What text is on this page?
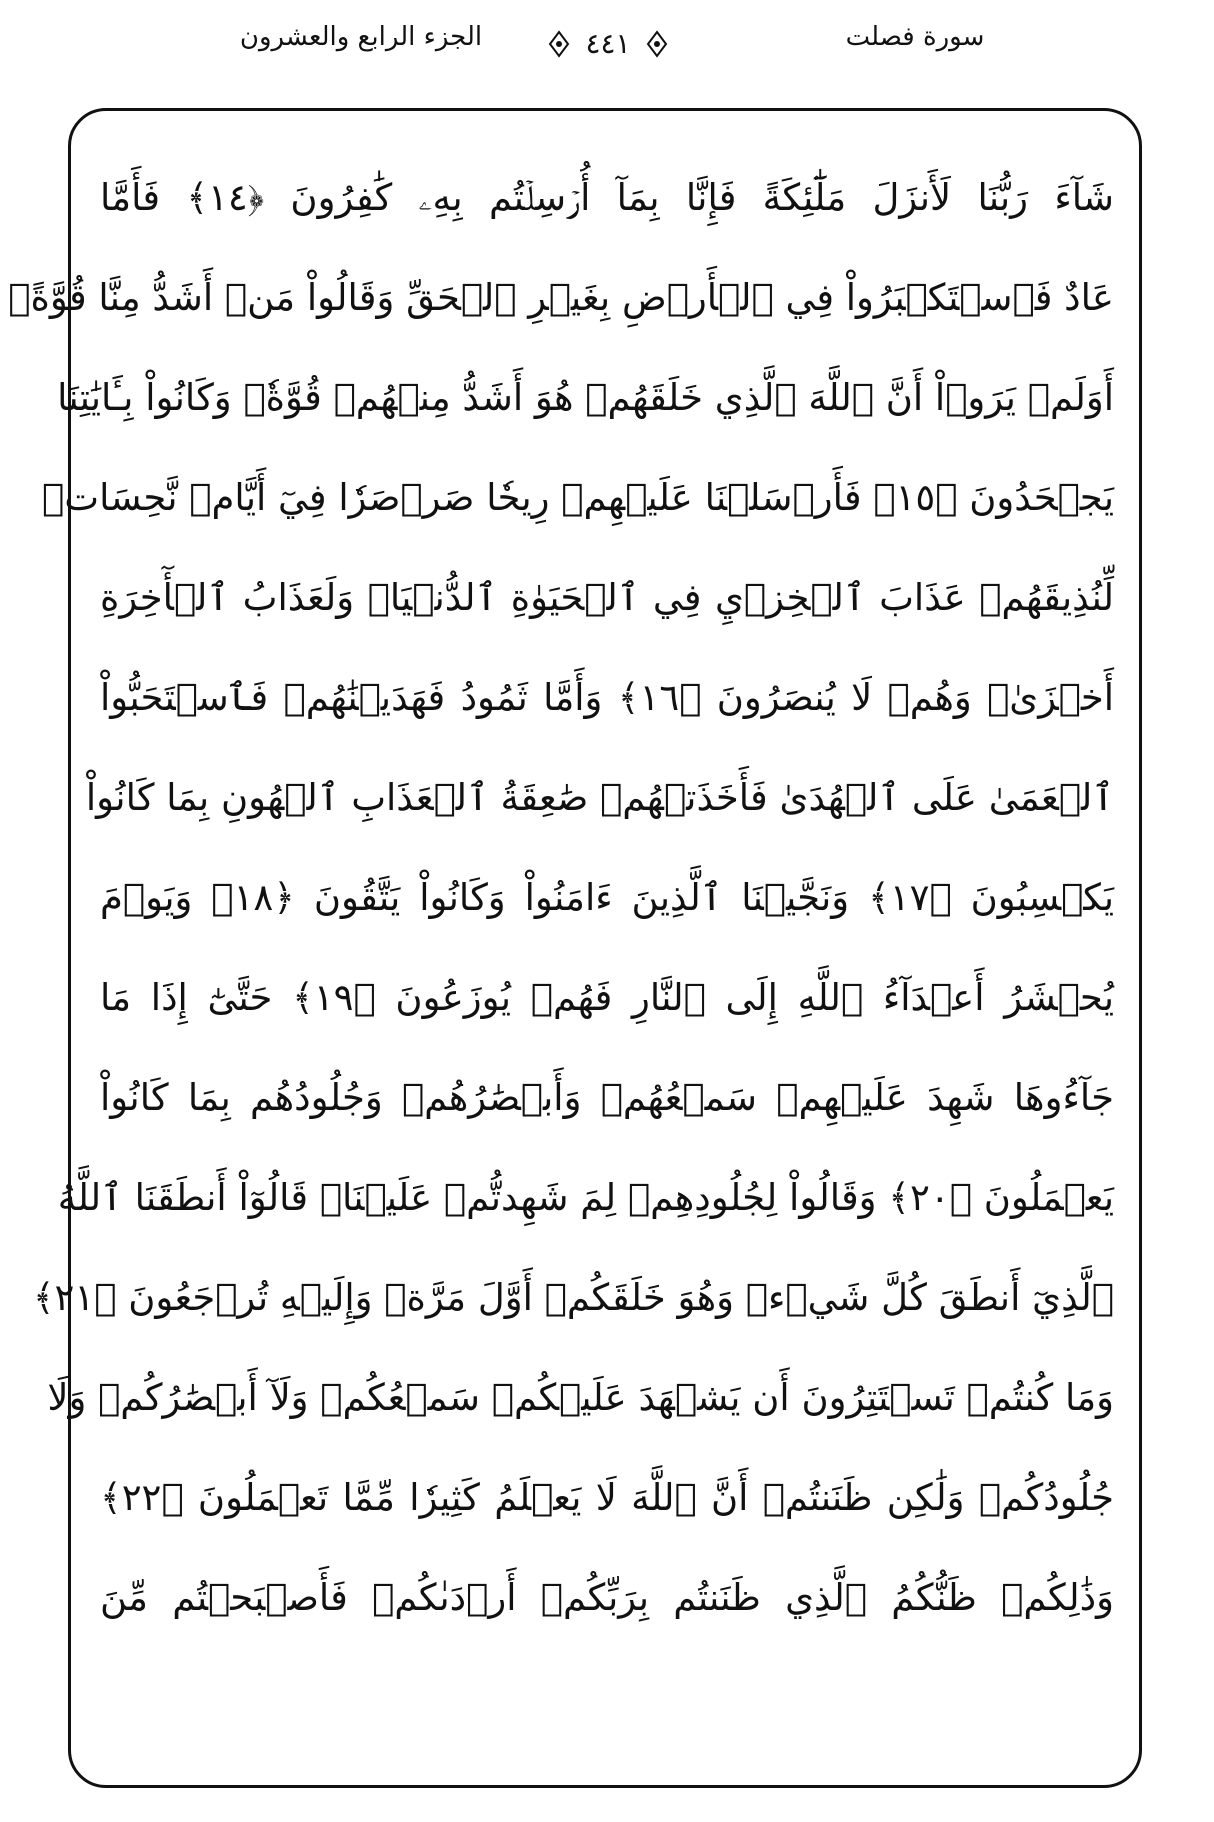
الجزء الرابع والعشرون	٤٤١	سورة فصلت
شَآءَ رَبُّنَا لَأَنزَلَ مَلَٰٓئِكَةً فَإِنَّا بِمَآ أُرۡسِلۡتُم بِهِۦ كَٰفِرُونَ ﴿١٤﴾ فَأَمَّا
عَادٌ فَٱسۡتَكۡبَرُواْ فِي ٱلۡأَرۡضِ بِغَيۡرِ ٱلۡحَقِّ وَقَالُواْ مَنۡ أَشَدُّ مِنَّا قُوَّةًۖ
أَوَلَمۡ يَرَوۡاْ أَنَّ ٱللَّهَ ٱلَّذِي خَلَقَهُمۡ هُوَ أَشَدُّ مِنۡهُمۡ قُوَّةٗۖ وَكَانُواْ بِـَٔايَٰتِنَا
يَجۡحَدُونَ ﴿١٥﴾ فَأَرۡسَلۡنَا عَلَيۡهِمۡ رِيحٗا صَرۡصَرٗا فِيٓ أَيَّامٖ نَّحِسَاتٖ
لِّنُذِيقَهُمۡ عَذَابَ ٱلۡخِزۡيِ فِي ٱلۡحَيَوٰةِ ٱلدُّنۡيَاۖ وَلَعَذَابُ ٱلۡأٓخِرَةِ
أَخۡزَىٰۖ وَهُمۡ لَا يُنصَرُونَ ﴿١٦﴾ وَأَمَّا ثَمُودُ فَهَدَيۡنَٰهُمۡ فَٱسۡتَحَبُّواْ
ٱلۡعَمَىٰ عَلَى ٱلۡهُدَىٰ فَأَخَذَتۡهُمۡ صَٰعِقَةُ ٱلۡعَذَابِ ٱلۡهُونِ بِمَا كَانُواْ
يَكۡسِبُونَ ﴿١٧﴾ وَنَجَّيۡنَا ٱلَّذِينَ ءَامَنُواْ وَكَانُواْ يَتَّقُونَ ﴿١٨﴾ وَيَوۡمَ
يُحۡشَرُ أَعۡدَآءُ ٱللَّهِ إِلَى ٱلنَّارِ فَهُمۡ يُوزَعُونَ ﴿١٩﴾ حَتَّىٰٓ إِذَا مَا
جَآءُوهَا شَهِدَ عَلَيۡهِمۡ سَمۡعُهُمۡ وَأَبۡصَٰرُهُمۡ وَجُلُودُهُم بِمَا كَانُواْ
يَعۡمَلُونَ ﴿٢٠﴾ وَقَالُواْ لِجُلُودِهِمۡ لِمَ شَهِدتُّمۡ عَلَيۡنَاۖ قَالُوٓاْ أَنطَقَنَا ٱللَّهُ
ٱلَّذِيٓ أَنطَقَ كُلَّ شَيۡءٖ وَهُوَ خَلَقَكُمۡ أَوَّلَ مَرَّةٖ وَإِلَيۡهِ تُرۡجَعُونَ ﴿٢١﴾
وَمَا كُنتُمۡ تَسۡتَتِرُونَ أَن يَشۡهَدَ عَلَيۡكُمۡ سَمۡعُكُمۡ وَلَآ أَبۡصَٰرُكُمۡ وَلَا
جُلُودُكُمۡ وَلَٰكِن ظَنَنتُمۡ أَنَّ ٱللَّهَ لَا يَعۡلَمُ كَثِيرٗا مِّمَّا تَعۡمَلُونَ ﴿٢٢﴾
وَذَٰلِكُمۡ ظَنُّكُمُ ٱلَّذِي ظَنَنتُم بِرَبِّكُمۡ أَرۡدَىٰكُمۡ فَأَصۡبَحۡتُم مِّنَ
